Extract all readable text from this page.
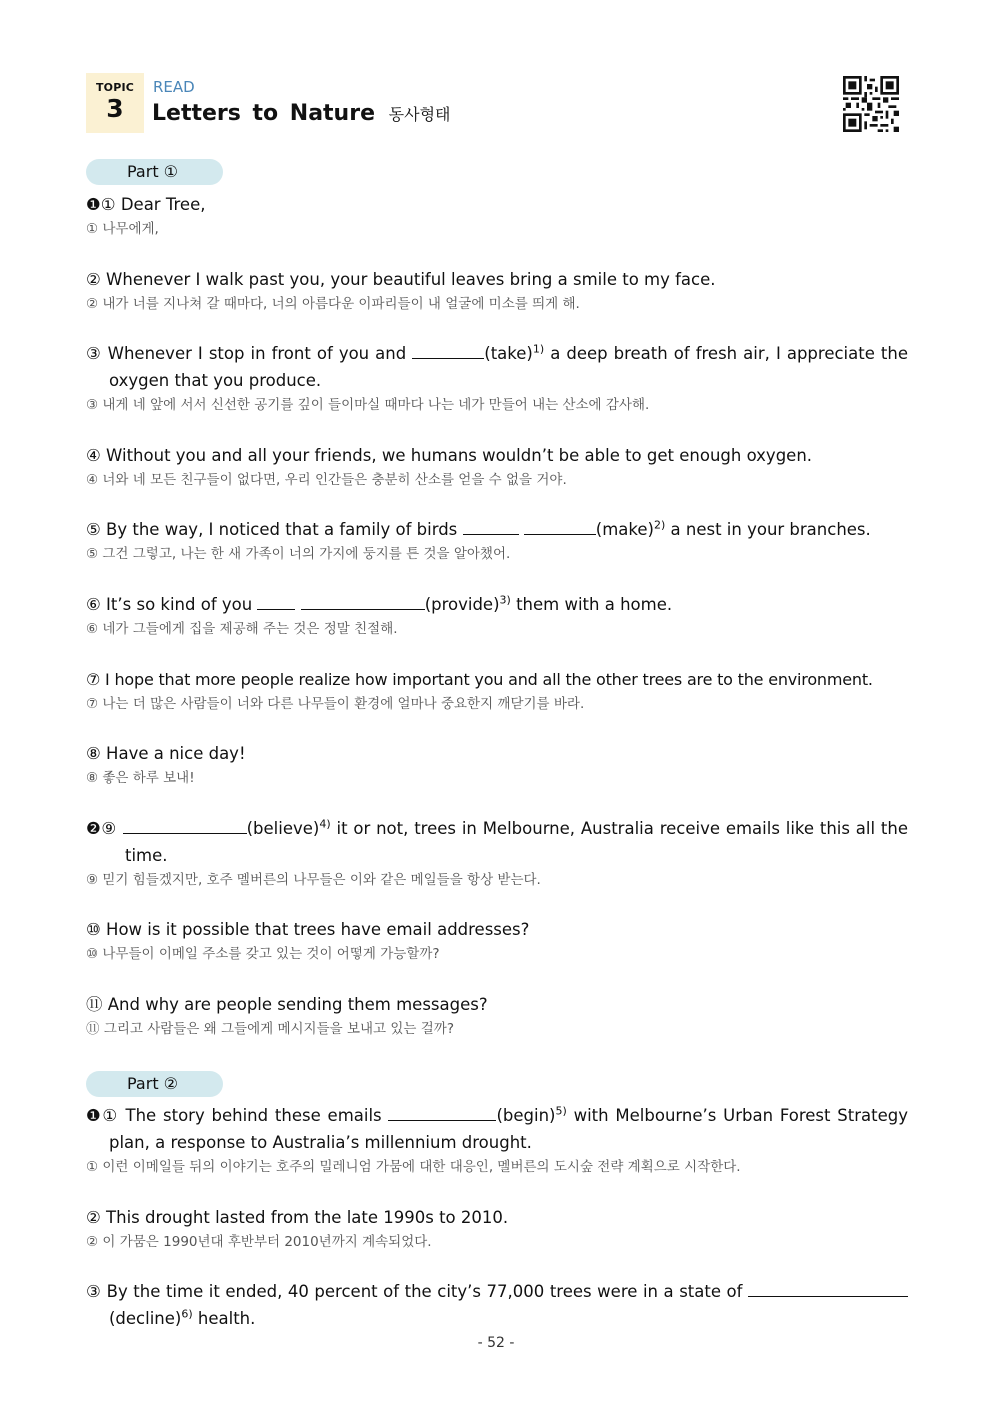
TOPIC
3
READ
Letters to Nature 동사형태
Part ①
❶① Dear Tree,
① 나무에게,
② Whenever I walk past you, your beautiful leaves bring a smile to my face.
② 내가 너를 지나쳐 갈 때마다, 너의 아름다운 이파리들이 내 얼굴에 미소를 띄게 해.
③ Whenever I stop in front of you and	(take)$^{1)}$ a deep breath of fresh air, I appreciate the oxygen that you produce.
③ 내게 네 앞에 서서 신선한 공기를 깊이 들이마실 때마다 나는 네가 만들어 내는 산소에 감사해.
④ Without you and all your friends, we humans wouldn’t be able to get enough oxygen.
④ 너와 네 모든 친구들이 없다면, 우리 인간들은 충분히 산소를 얻을 수 없을 거야.
⑤ By the way, I noticed that a family of birds	(make)$^{2)}$ a nest in your branches.
⑤ 그건 그렇고, 나는 한 새 가족이 너의 가지에 둥지를 튼 것을 알아챘어.
⑥ It’s so kind of you	(provide)$^{3)}$ them with a home.
⑥ 네가 그들에게 집을 제공해 주는 것은 정말 친절해.
⑦ I hope that more people realize how important you and all the other trees are to the environment.
⑦ 나는 더 많은 사람들이 너와 다른 나무들이 환경에 얼마나 중요한지 깨닫기를 바라.
⑧ Have a nice day!
⑧ 좋은 하루 보내!
❷⑨	(believe)$^{4)}$ it or not, trees in Melbourne, Australia receive emails like this all the time.
⑨ 믿기 힘들겠지만, 호주 멜버른의 나무들은 이와 같은 메일들을 항상 받는다.
⑩ How is it possible that trees have email addresses?
⑩ 나무들이 이메일 주소를 갖고 있는 것이 어떻게 가능할까?
⑪ And why are people sending them messages?
⑪ 그리고 사람들은 왜 그들에게 메시지들을 보내고 있는 걸까?
Part ②
❶① The story behind these emails	(begin)$^{5)}$ with Melbourne’s Urban Forest Strategy plan, a response to Australia’s millennium drought.
① 이런 이메일들 뒤의 이야기는 호주의 밀레니엄 가뭄에 대한 대응인, 멜버른의 도시숲 전략 계획으로 시작한다.
② This drought lasted from the late 1990s to 2010.
② 이 가뭄은 1990년대 후반부터 2010년까지 계속되었다.
③ By the time it ended, 40 percent of the city’s 77,000 trees were in a state of (decline)$^{6)}$ health.
- 52 -
